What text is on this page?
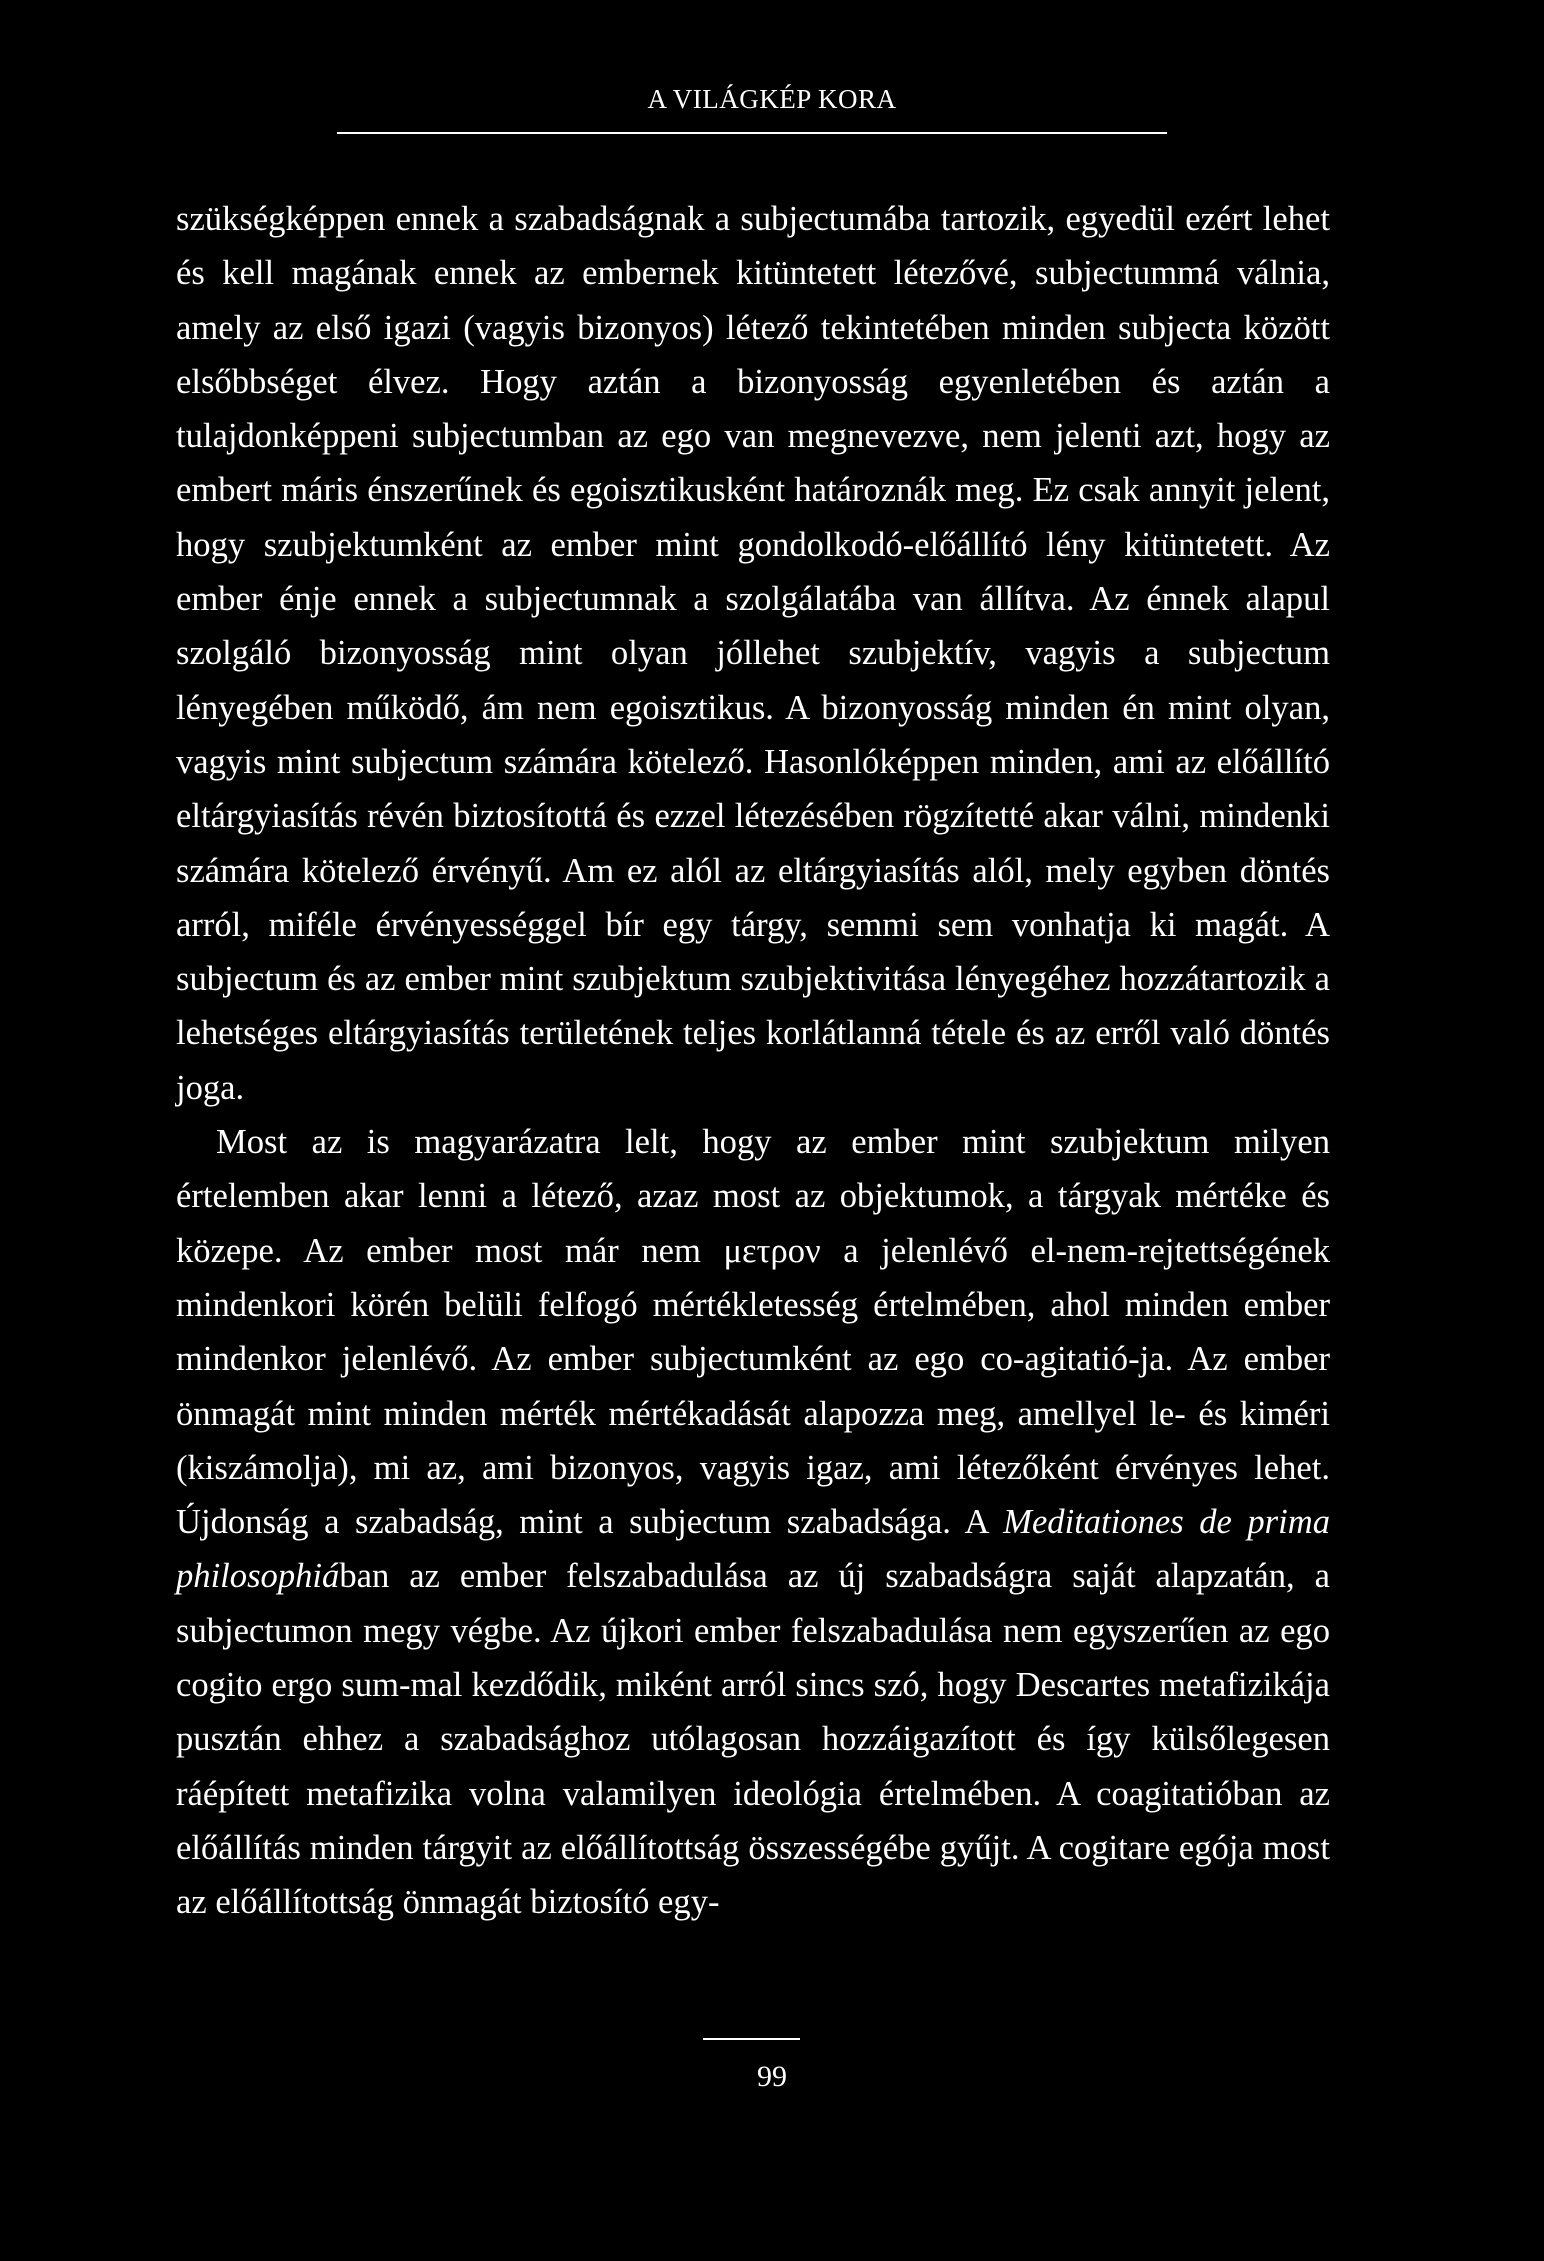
A VILÁGKÉP KORA

szükségképpen ennek a szabadságnak a subjectumába tartozik, egyedül ezért lehet és kell magának ennek az embernek kitüntetett létezővé, subjectummá válnia, amely az első igazi (vagyis bizonyos) létező tekintetében minden subjecta között elsőbbséget élvez. Hogy aztán a bizonyosság egyenletében és aztán a tulajdonképpeni subjectumban az ego van megnevezve, nem jelenti azt, hogy az embert máris énszerűnek és egoisztikusként határoznák meg. Ez csak annyit jelent, hogy szubjektumként az ember mint gondolkodó-előállító lény kitüntetett. Az ember énje ennek a subjectumnak a szolgálatába van állítva. Az énnek alapul szolgáló bizonyosság mint olyan jóllehet szubjektív, vagyis a subjectum lényegében működő, ám nem egoisztikus. A bizonyosság minden én mint olyan, vagyis mint subjectum számára kötelező. Hasonlóképpen minden, ami az előállító eltárgyiasítás révén biztosítottá és ezzel létezésében rögzítetté akar válni, mindenki számára kötelező érvényű. Am ez alól az eltárgyiasítás alól, mely egyben döntés arról, miféle érvényességgel bír egy tárgy, semmi sem vonhatja ki magát. A subjectum és az ember mint szubjektum szubjektivitása lényegéhez hozzátartozik a lehetséges eltárgyiasítás területének teljes korlátlanná tétele és az erről való döntés joga.

Most az is magyarázatra lelt, hogy az ember mint szubjektum milyen értelemben akar lenni a létező, azaz most az objektumok, a tárgyak mértéke és közepe. Az ember most már nem μετρον a jelenlévő el-nem-rejtettségének mindenkori körén belüli felfogó mértékletesség értelmében, ahol minden ember mindenkor jelenlévő. Az ember subjectumként az ego co-agitatió-ja. Az ember önmagát mint minden mérték mértékadását alapozza meg, amellyel le- és kiméri (kiszámolja), mi az, ami bizonyos, vagyis igaz, ami létezőként érvényes lehet. Újdonság a szabadság, mint a subjectum szabadsága. A Meditationes de prima philosophiában az ember felszabadulása az új szabadságra saját alapzatán, a subjectumon megy végbe. Az újkori ember felszabadulása nem egyszerűen az ego cogito ergo sum-mal kezdődik, miként arról sincs szó, hogy Descartes metafizikája pusztán ehhez a szabadsághoz utólagosan hozzáigazított és így külsőlegesen ráépített metafizika volna valamilyen ideológia értelmében. A coagitatióban az előállítás minden tárgyit az előállítottság összességébe gyűjt. A cogitare egója most az előállítottság önmagát biztosító egy-

99
